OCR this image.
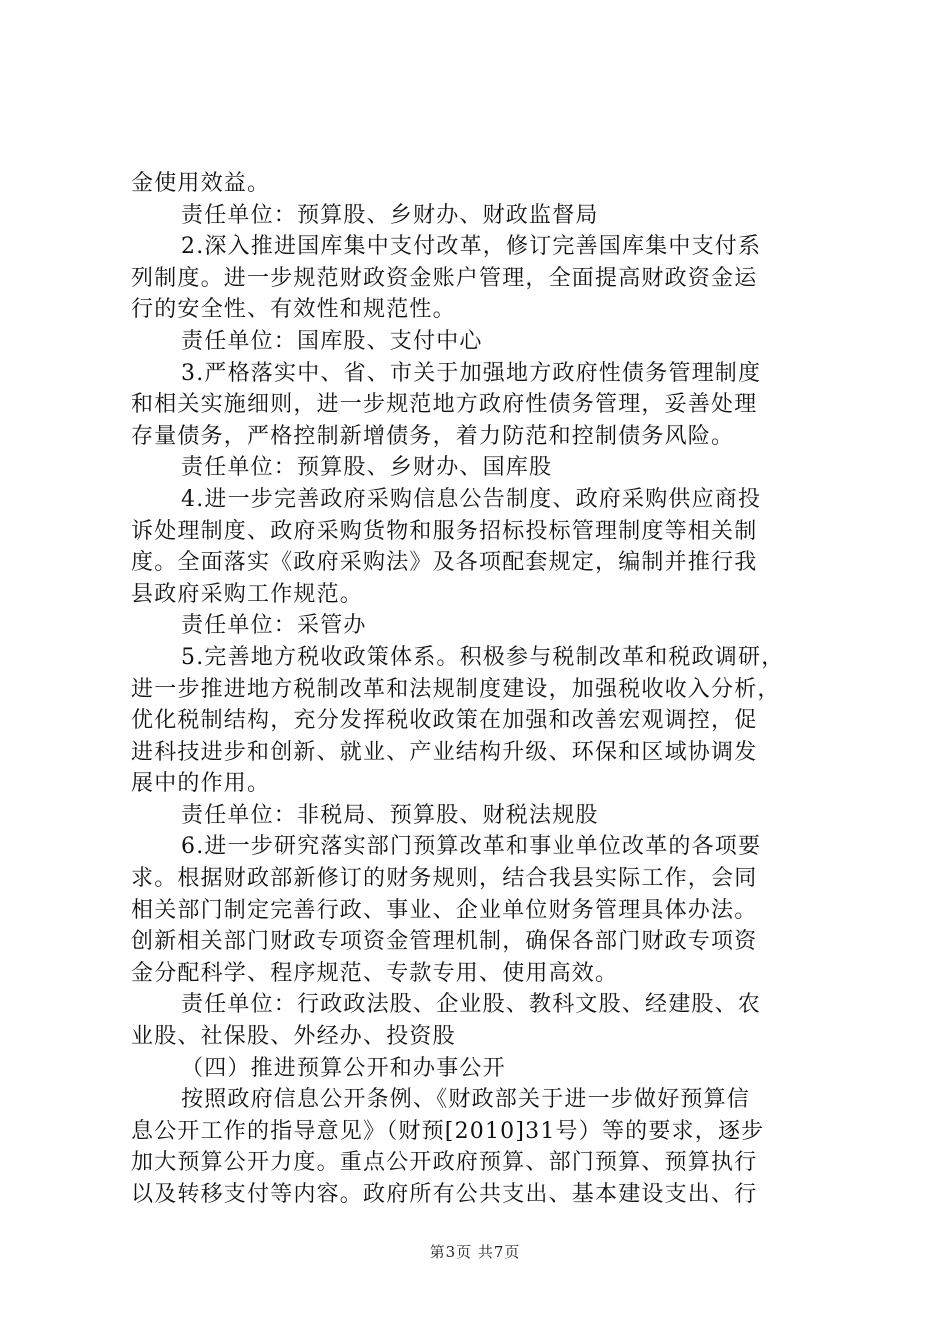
金使用效益。
责任单位：预算股、乡财办、财政监督局
2.深入推进国库集中支付改革，修订完善国库集中支付系
列制度。进一步规范财政资金账户管理，全面提高财政资金运
行的安全性、有效性和规范性。
责任单位：国库股、支付中心
3.严格落实中、省、市关于加强地方政府性债务管理制度
和相关实施细则，进一步规范地方政府性债务管理，妥善处理
存量债务，严格控制新增债务，着力防范和控制债务风险。
责任单位：预算股、乡财办、国库股
4.进一步完善政府采购信息公告制度、政府采购供应商投
诉处理制度、政府采购货物和服务招标投标管理制度等相关制
度。全面落实《政府采购法》及各项配套规定，编制并推行我
县政府采购工作规范。
责任单位：采管办
5.完善地方税收政策体系。积极参与税制改革和税政调研，
进一步推进地方税制改革和法规制度建设，加强税收收入分析，
优化税制结构，充分发挥税收政策在加强和改善宏观调控，促
进科技进步和创新、就业、产业结构升级、环保和区域协调发
展中的作用。
责任单位：非税局、预算股、财税法规股
6.进一步研究落实部门预算改革和事业单位改革的各项要
求。根据财政部新修订的财务规则，结合我县实际工作，会同
相关部门制定完善行政、事业、企业单位财务管理具体办法。
创新相关部门财政专项资金管理机制，确保各部门财政专项资
金分配科学、程序规范、专款专用、使用高效。
责任单位：行政政法股、企业股、教科文股、经建股、农
业股、社保股、外经办、投资股
（四）推进预算公开和办事公开
按照政府信息公开条例、《财政部关于进一步做好预算信
息公开工作的指导意见》（财预[2010]31号）等的要求，逐步
加大预算公开力度。重点公开政府预算、部门预算、预算执行
以及转移支付等内容。政府所有公共支出、基本建设支出、行
第3页 共7页
